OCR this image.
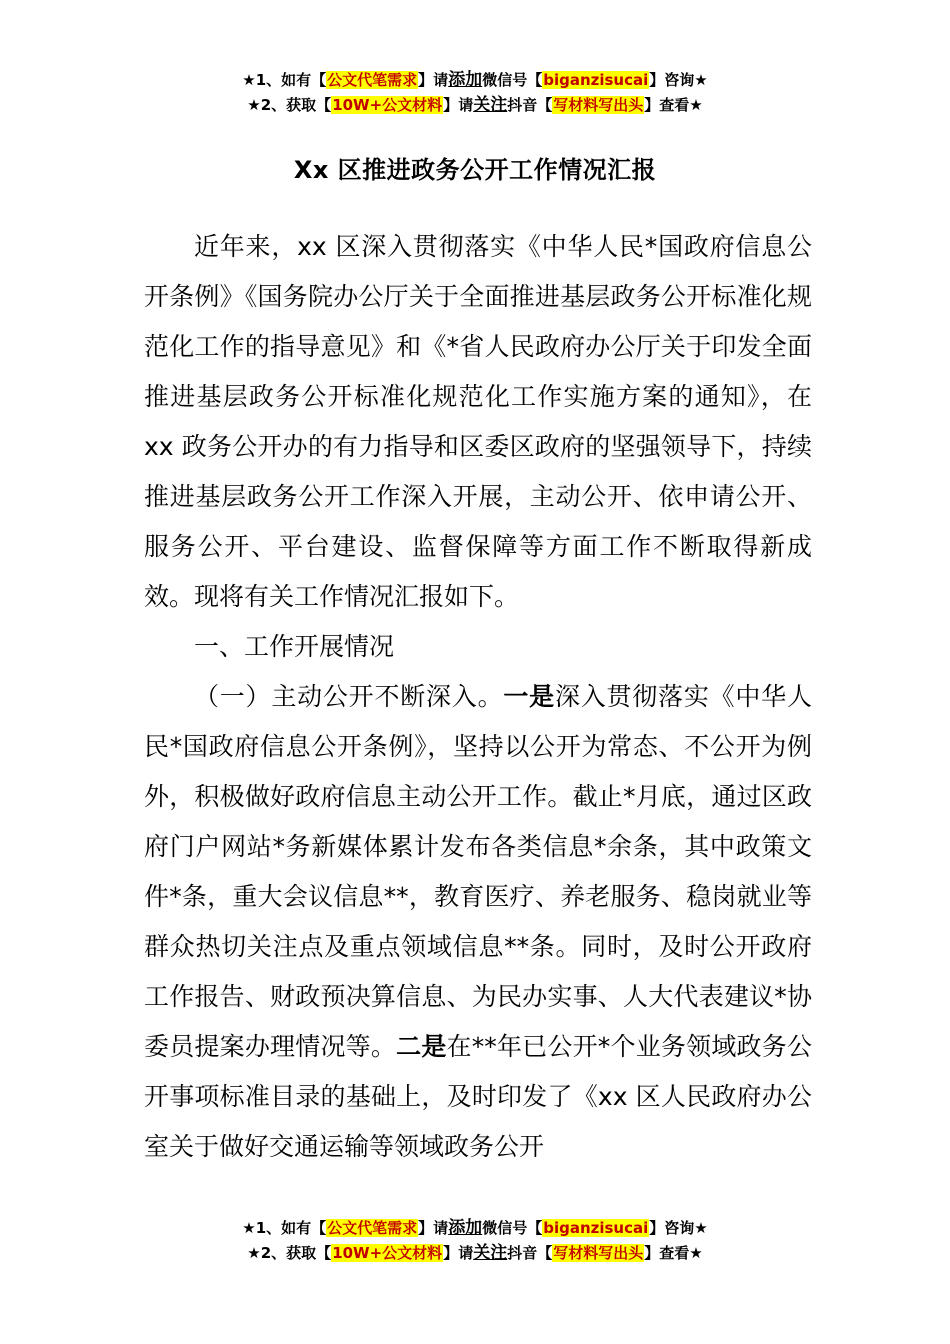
★1、如有【公文代笔需求】请添加微信号【biganzisucai】咨询★
★2、获取【10W+公文材料】请关注抖音【写材料写出头】查看★
Xx 区推进政务公开工作情况汇报

近年来，xx 区深入贯彻落实《中华人民*国政府信息公开条例》《国务院办公厅关于全面推进基层政务公开标准化规范化工作的指导意见》和《*省人民政府办公厅关于印发全面推进基层政务公开标准化规范化工作实施方案的通知》，在 xx 政务公开办的有力指导和区委区政府的坚强领导下，持续推进基层政务公开工作深入开展，主动公开、依申请公开、服务公开、平台建设、监督保障等方面工作不断取得新成效。现将有关工作情况汇报如下。

一、工作开展情况

（一）主动公开不断深入。一是深入贯彻落实《中华人民*国政府信息公开条例》，坚持以公开为常态、不公开为例外，积极做好政府信息主动公开工作。截止*月底，通过区政府门户网站*务新媒体累计发布各类信息*余条，其中政策文件*条，重大会议信息**，教育医疗、养老服务、稳岗就业等群众热切关注点及重点领域信息**条。同时，及时公开政府工作报告、财政预决算信息、为民办实事、人大代表建议*协委员提案办理情况等。二是在**年已公开*个业务领域政务公开事项标准目录的基础上，及时印发了《xx 区人民政府办公室关于做好交通运输等领域政务公开

★1、如有【公文代笔需求】请添加微信号【biganzisucai】咨询★
★2、获取【10W+公文材料】请关注抖音【写材料写出头】查看★
